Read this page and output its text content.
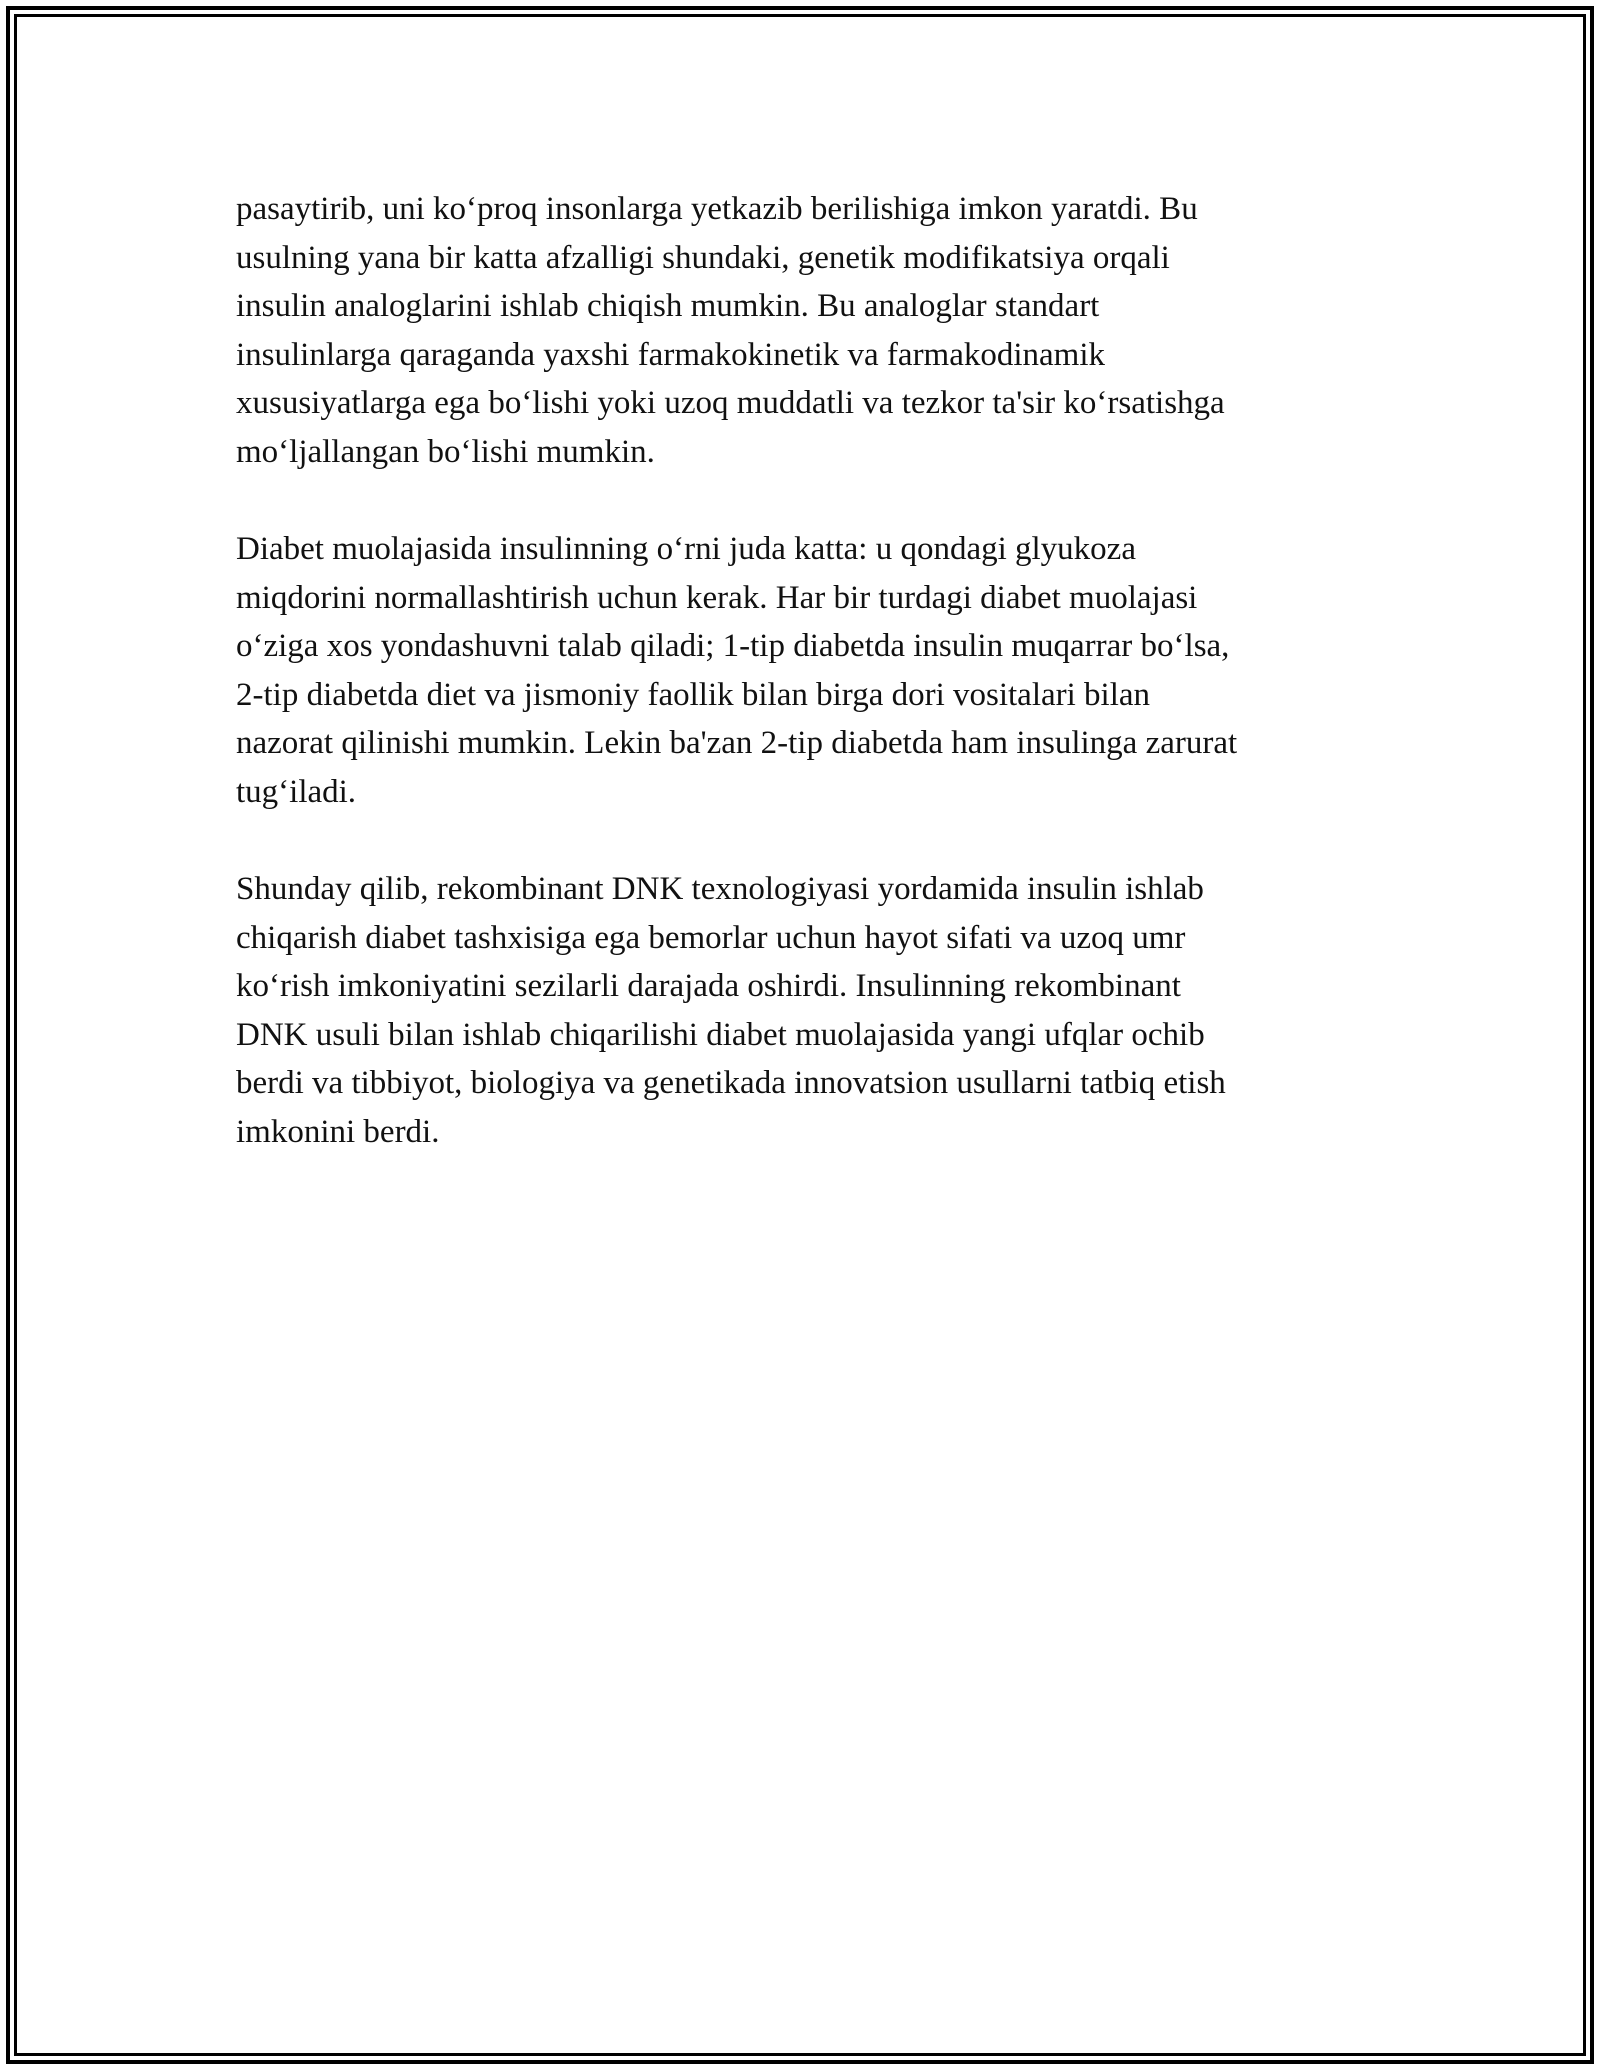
pasaytirib, uni ko‘proq insonlarga yetkazib berilishiga imkon yaratdi. Bu
usulning yana bir katta afzalligi shundaki, genetik modifikatsiya orqali
insulin analoglarini ishlab chiqish mumkin. Bu analoglar standart
insulinlarga qaraganda yaxshi farmakokinetik va farmakodinamik
xususiyatlarga ega bo‘lishi yoki uzoq muddatli va tezkor ta'sir ko‘rsatishga
mo‘ljallangan bo‘lishi mumkin.

Diabet muolajasida insulinning o‘rni juda katta: u qondagi glyukoza
miqdorini normallashtirish uchun kerak. Har bir turdagi diabet muolajasi
o‘ziga xos yondashuvni talab qiladi; 1-tip diabetda insulin muqarrar bo‘lsa,
2-tip diabetda diet va jismoniy faollik bilan birga dori vositalari bilan
nazorat qilinishi mumkin. Lekin ba'zan 2-tip diabetda ham insulinga zarurat
tug‘iladi.

Shunday qilib, rekombinant DNK texnologiyasi yordamida insulin ishlab
chiqarish diabet tashxisiga ega bemorlar uchun hayot sifati va uzoq umr
ko‘rish imkoniyatini sezilarli darajada oshirdi. Insulinning rekombinant
DNK usuli bilan ishlab chiqarilishi diabet muolajasida yangi ufqlar ochib
berdi va tibbiyot, biologiya va genetikada innovatsion usullarni tatbiq etish
imkonini berdi.
